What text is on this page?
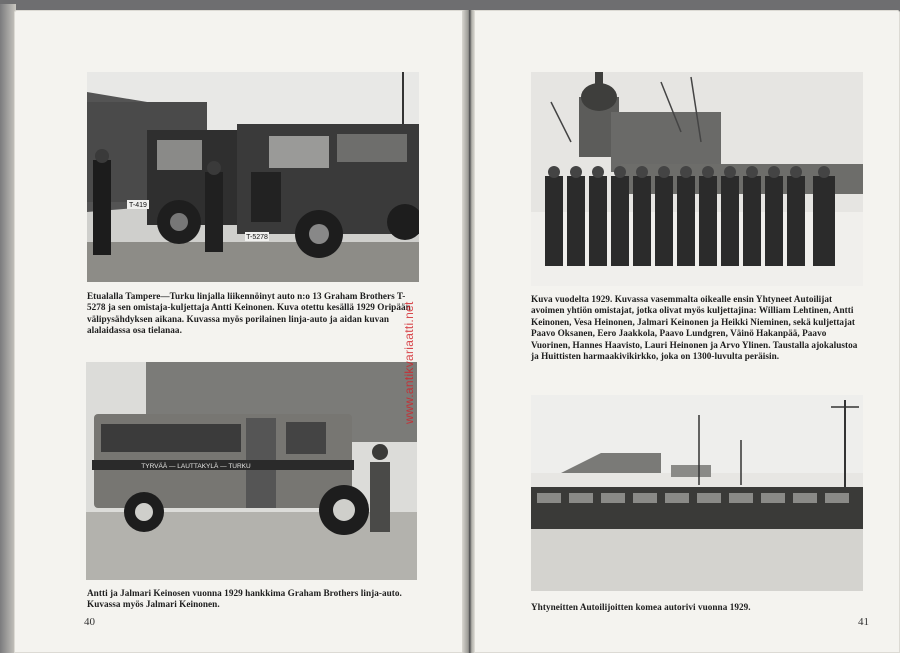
T-419
T-5278

Etualalla Tampere—Turku linjalla liikennöinyt auto n:o 13 Graham Brothers T-5278 ja sen omistaja-kuljettaja Antti Keinonen. Kuva otettu kesällä 1929 Oripään välipysähdyksen aikana. Kuvassa myös porilainen linja-auto ja aidan kuvan alalaidassa osa tielanaa.

TYRVÄÄ — LAUTTAKYLÄ — TURKU

Antti ja Jalmari Keinosen vuonna 1929 hankkima Graham Brothers linja-auto. Kuvassa myös Jalmari Keinonen.

40
www.antikvariaatti.net

Kuva vuodelta 1929. Kuvassa vasemmalta oikealle ensin Yhtyneet Autoilijat avoimen yhtiön omistajat, jotka olivat myös kuljettajina: William Lehtinen, Antti Keinonen, Vesa Heinonen, Jalmari Keinonen ja Heikki Nieminen, sekä kuljettajat Paavo Oksanen, Eero Jaakkola, Paavo Lundgren, Väinö Hakanpää, Paavo Vuorinen, Hannes Haavisto, Lauri Heinonen ja Arvo Ylinen. Taustalla ajokalustoa ja Huittisten harmaakivikirkko, joka on 1300-luvulta peräisin.

Yhtyneitten Autoilijoitten komea autorivi vuonna 1929.

41
